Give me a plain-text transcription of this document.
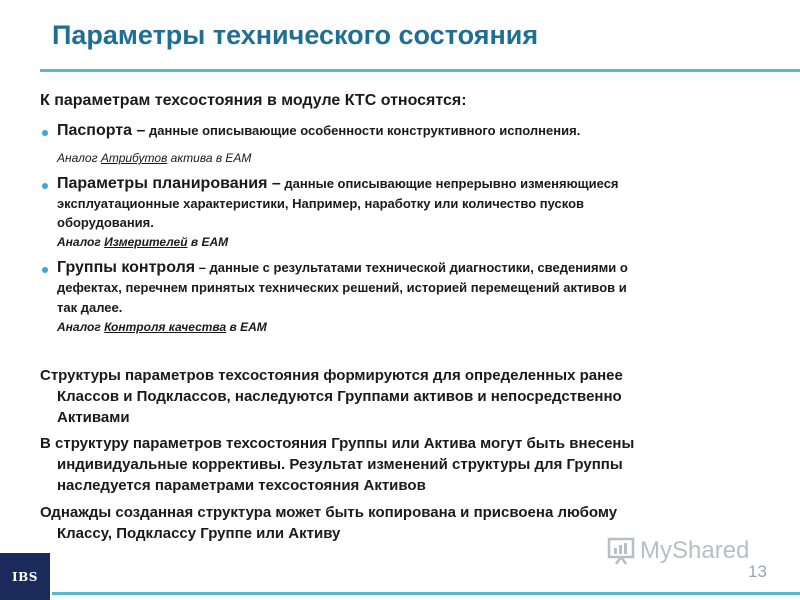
Параметры технического состояния
К параметрам техсостояния в модуле КТС относятся:
Паспорта – данные описывающие особенности конструктивного исполнения.
Аналог Атрибутов актива в ЕАМ
Параметры планирования – данные описывающие непрерывно изменяющиеся
эксплуатационные характеристики, Например, наработку или количество пусков
оборудования.
Аналог Измерителей в ЕАМ
Группы контроля – данные с результатами технической диагностики, сведениями о
дефектах, перечнем принятых технических решений, историей перемещений активов и
так далее.
Аналог Контроля качества в ЕАМ
Структуры параметров техсостояния формируются для определенных ранее
Классов и Подклассов, наследуются Группами активов и непосредственно
Активами
В структуру параметров техсостояния Группы или Актива могут быть внесены
индивидуальные коррективы. Результат изменений структуры для Группы
наследуется параметрами техсостояния Активов
Однажды созданная структура может быть копирована и присвоена любому
Классу, Подклассу Группе или Активу
MyShared
13
IBS
